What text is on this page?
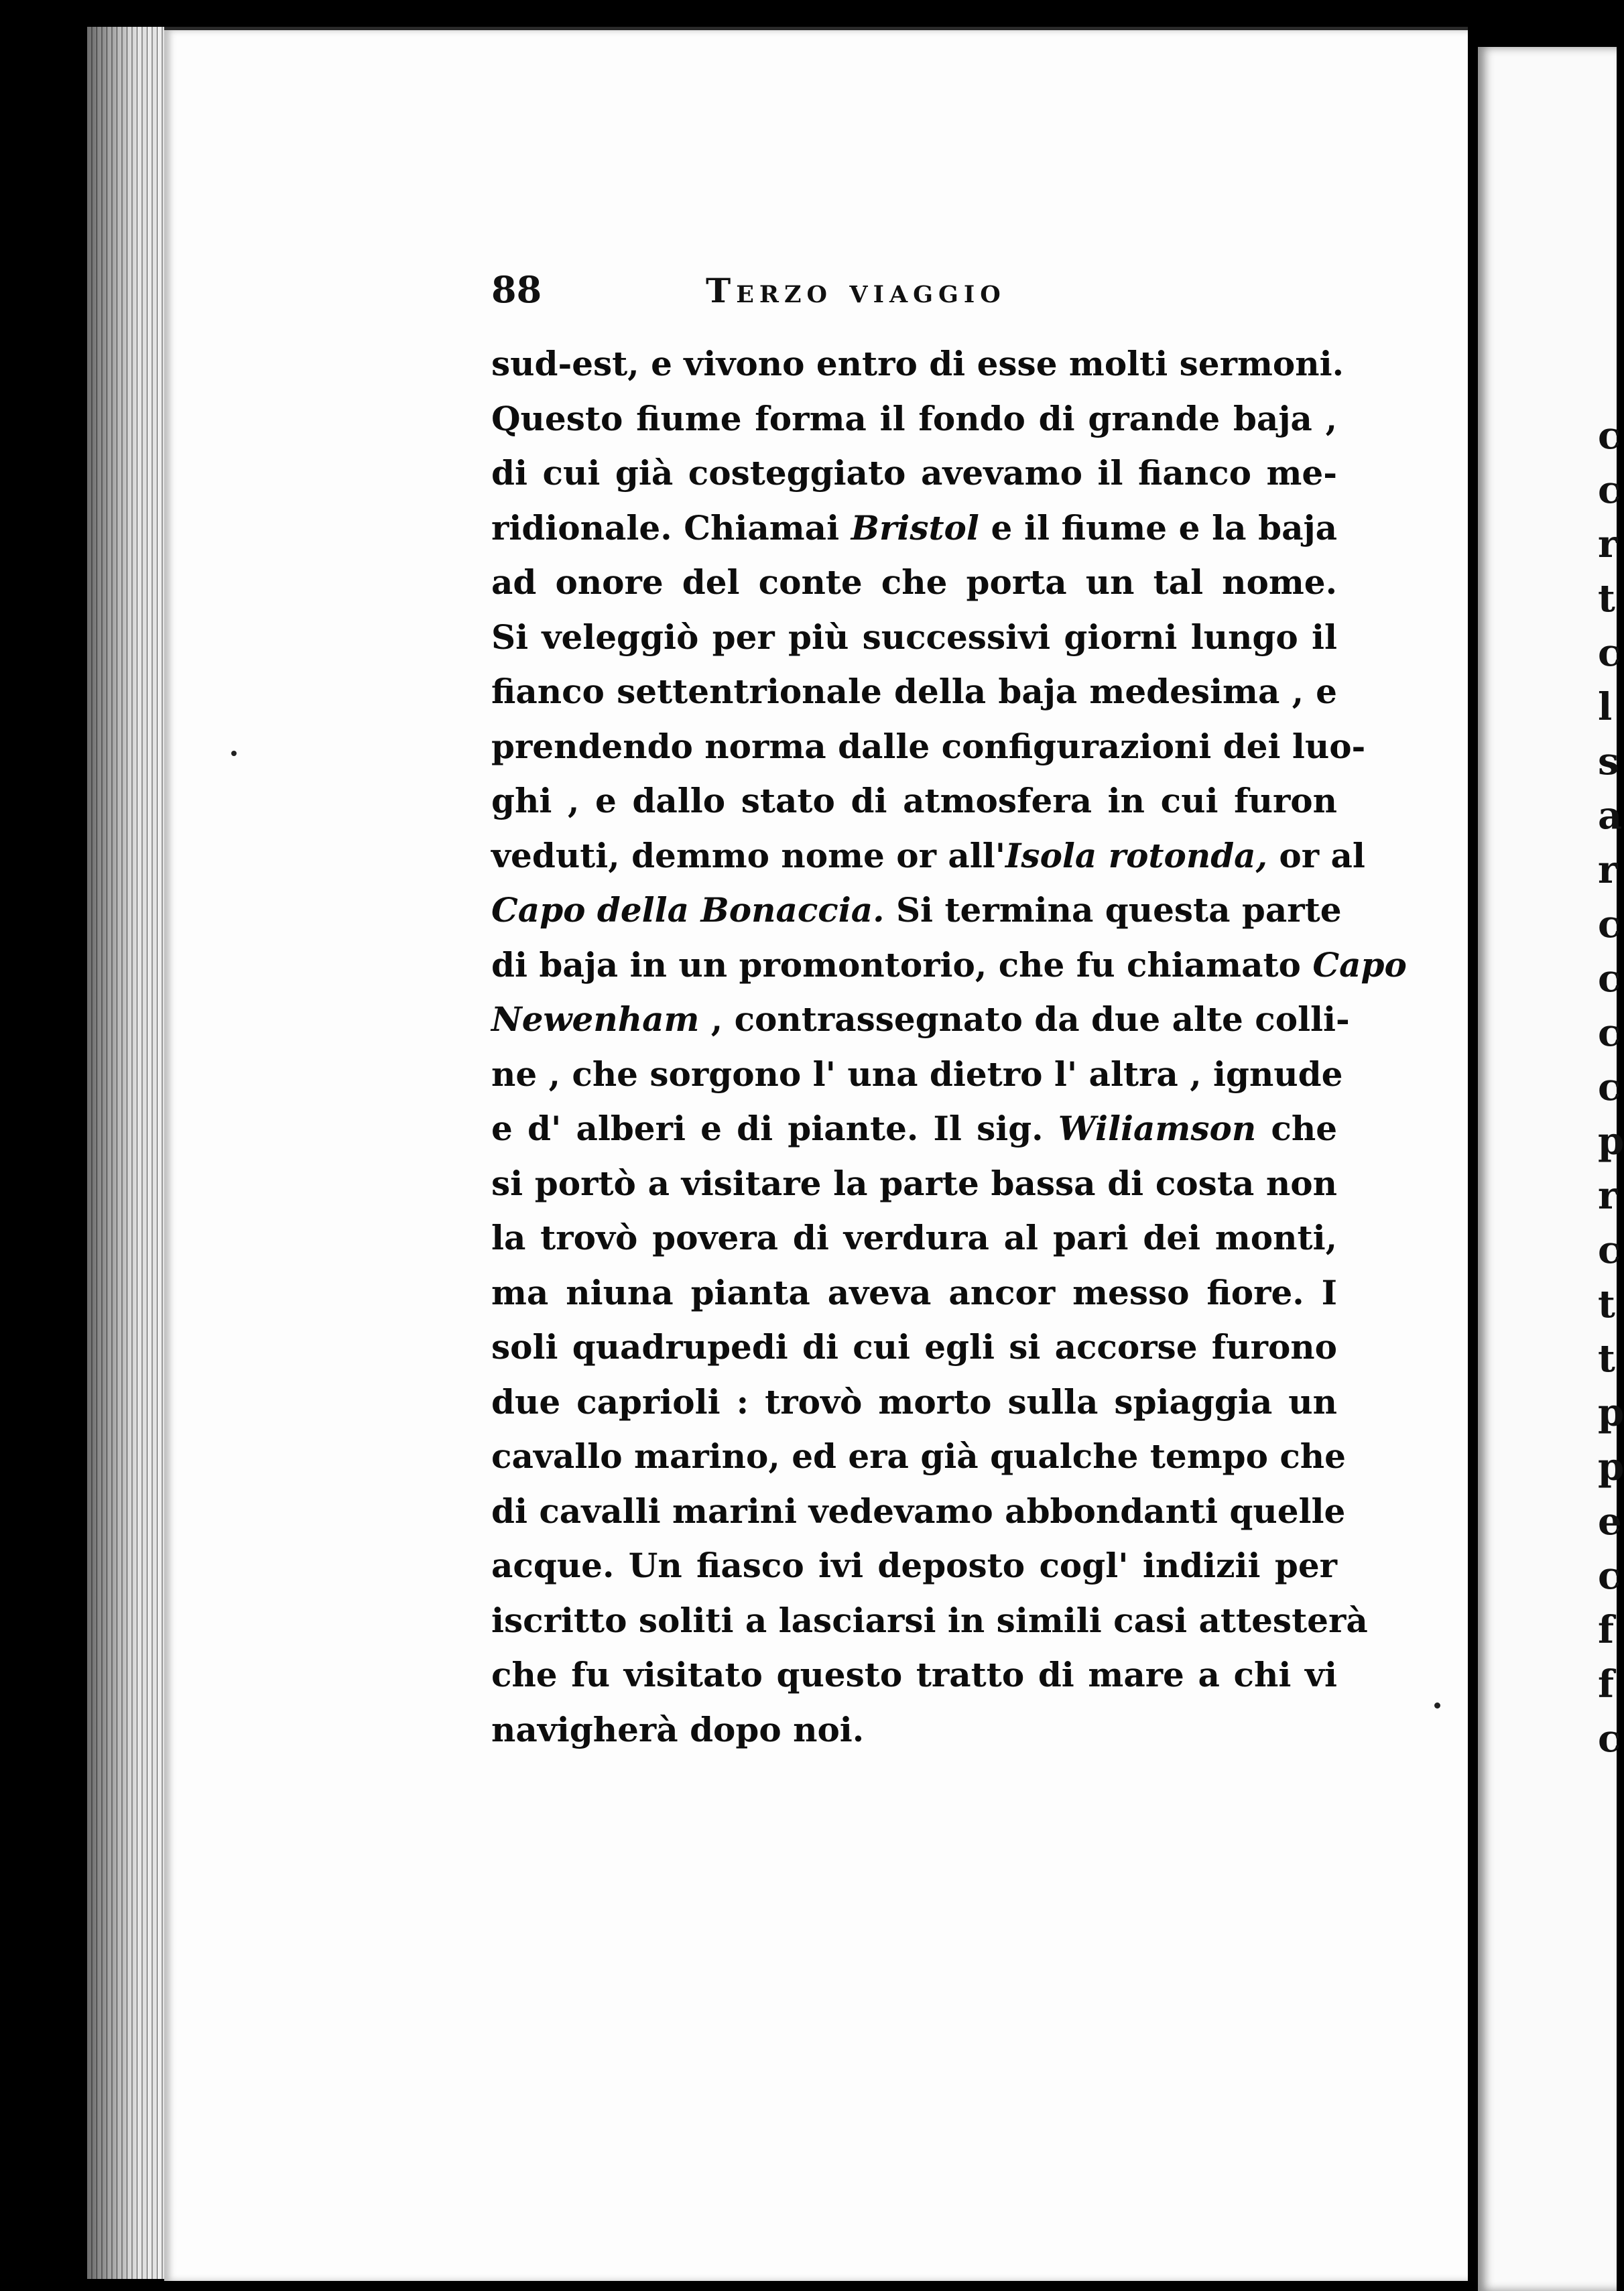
88	Terzo viaggio
sud-est, e vivono entro di esse molti sermoni.
Questo fiume forma il fondo di grande baja ,
di cui già costeggiato avevamo il fianco me-
ridionale. Chiamai Bristol e il fiume e la baja
ad onore del conte che porta un tal nome.
Si veleggiò per più successivi giorni lungo il
fianco settentrionale della baja medesima , e
prendendo norma dalle configurazioni dei luo-
ghi , e dallo stato di atmosfera in cui furon
veduti, demmo nome or all'Isola rotonda, or al
Capo della Bonaccia. Si termina questa parte
di baja in un promontorio, che fu chiamato Capo
Newenham , contrassegnato da due alte colli-
ne , che sorgono l' una dietro l' altra , ignude
e d' alberi e di piante. Il sig. Wiliamson che
si portò a visitare la parte bassa di costa non
la trovò povera di verdura al pari dei monti,
ma niuna pianta aveva ancor messo fiore. I
soli quadrupedi di cui egli si accorse furono
due caprioli : trovò morto sulla spiaggia un
cavallo marino, ed era già qualche tempo che
di cavalli marini vedevamo abbondanti quelle
acque. Un fiasco ivi deposto cogl' indizii per
iscritto soliti a lasciarsi in simili casi attesterà
che fu visitato questo tratto di mare a chi vi
navigherà dopo noi.
c
c
r
t
c
l
s
a
r
c
c
c
c
p
r
c
t
t
p
p
e
c
f
f
c
